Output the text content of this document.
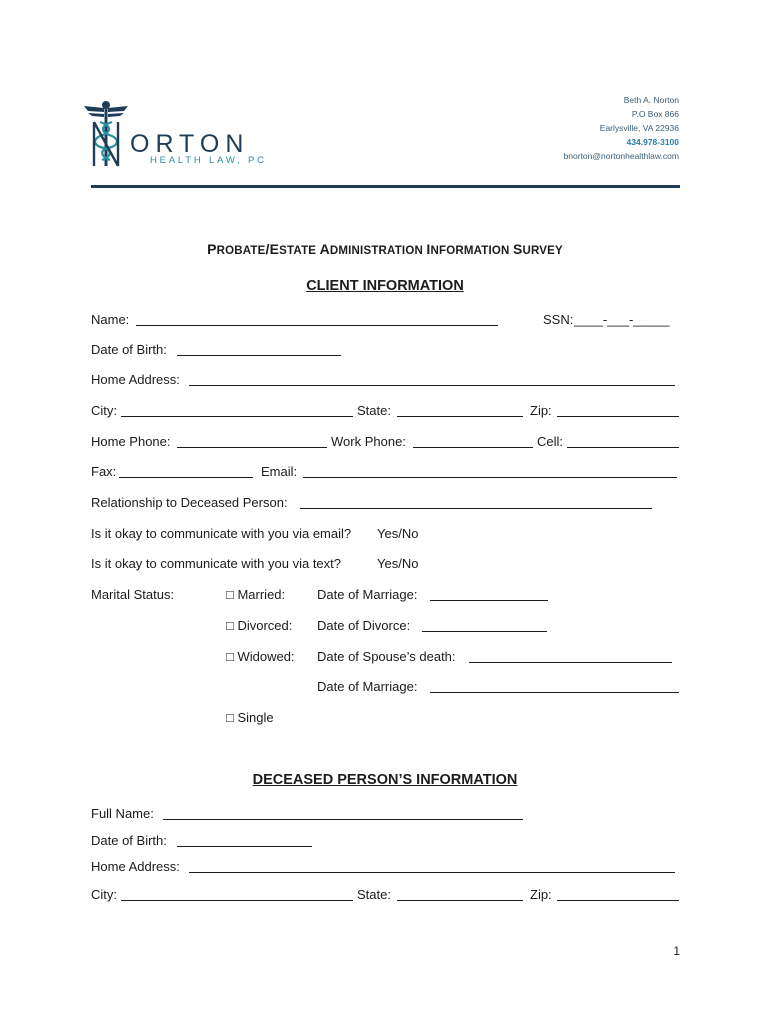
ORTON
HEALTH LAW, PC
Beth A. Norton
P.O Box 866
Earlysville, VA 22936
434.978-3100
bnorton@nortonhealthlaw.com
PROBATE/ESTATE ADMINISTRATION INFORMATION SURVEY
CLIENT INFORMATION
Name:	SSN: ____-___-_____
Date of Birth:
Home Address:
City:	State:	Zip:
Home Phone:	Work Phone:	Cell:
Fax:	Email:
Relationship to Deceased Person:
Is it okay to communicate with you via email? Yes/No
Is it okay to communicate with you via text?	Yes/No
Marital Status:	□ Married: Date of Marriage:
□ Divorced: Date of Divorce:
□ Widowed: Date of Spouse’s death:
Date of Marriage:
□ Single
DECEASED PERSON’S INFORMATION
Full Name:
Date of Birth:
Home Address:
City:	State:	Zip:
1
